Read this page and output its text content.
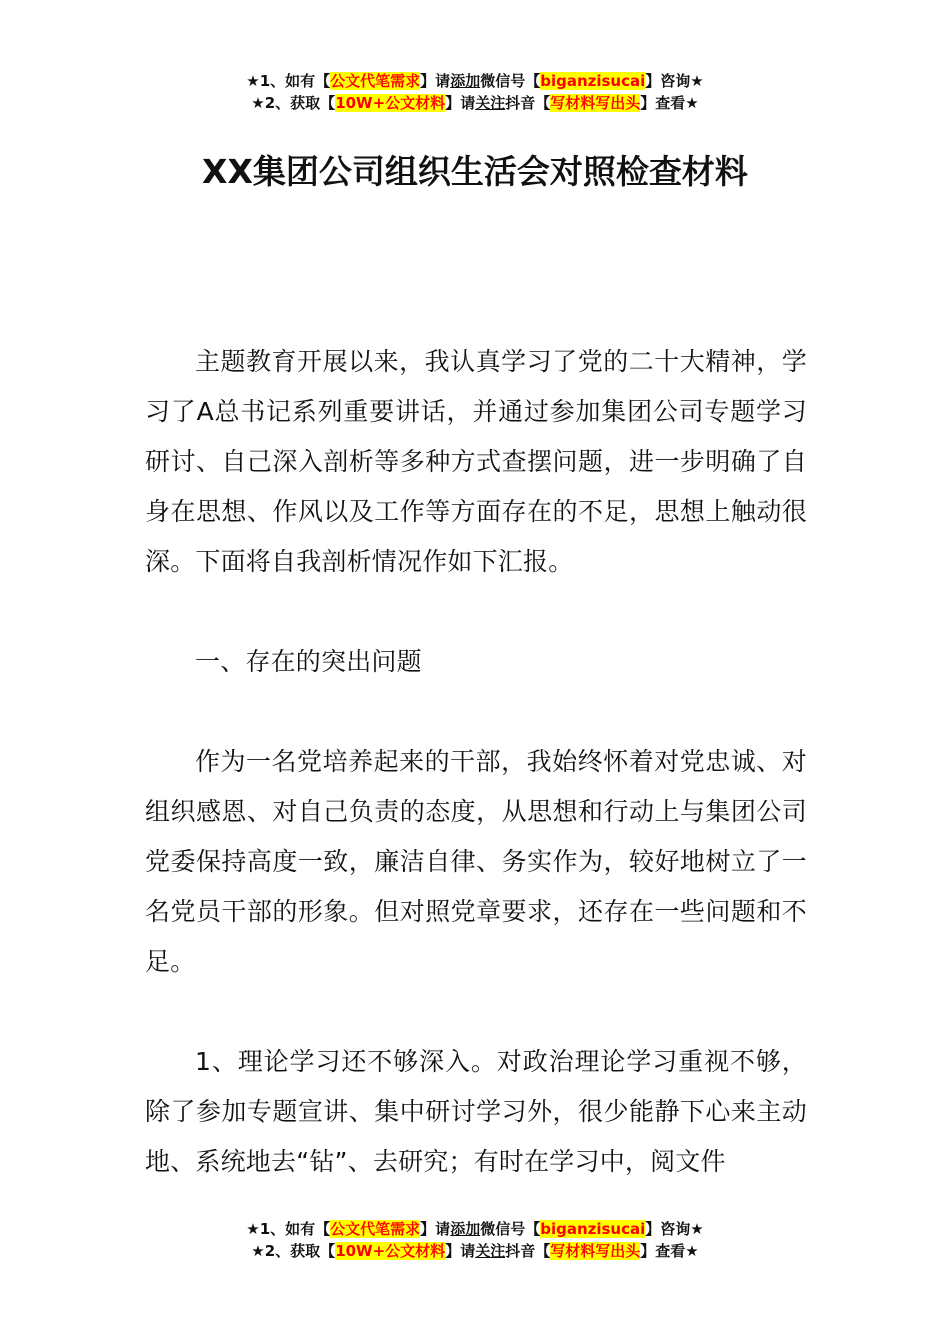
★1、如有【公文代笔需求】请添加微信号【biganzisucai】咨询★
★2、获取【10W+公文材料】请关注抖音【写材料写出头】查看★
XX集团公司组织生活会对照检查材料

主题教育开展以来，我认真学习了党的二十大精神，学习了A总书记系列重要讲话，并通过参加集团公司专题学习研讨、自己深入剖析等多种方式查摆问题，进一步明确了自身在思想、作风以及工作等方面存在的不足，思想上触动很深。下面将自我剖析情况作如下汇报。

一、存在的突出问题

作为一名党培养起来的干部，我始终怀着对党忠诚、对组织感恩、对自己负责的态度，从思想和行动上与集团公司党委保持高度一致，廉洁自律、务实作为，较好地树立了一名党员干部的形象。但对照党章要求，还存在一些问题和不足。

1、理论学习还不够深入。对政治理论学习重视不够，除了参加专题宣讲、集中研讨学习外，很少能静下心来主动地、系统地去“钻”、去研究；有时在学习中，阅文件

★1、如有【公文代笔需求】请添加微信号【biganzisucai】咨询★
★2、获取【10W+公文材料】请关注抖音【写材料写出头】查看★
